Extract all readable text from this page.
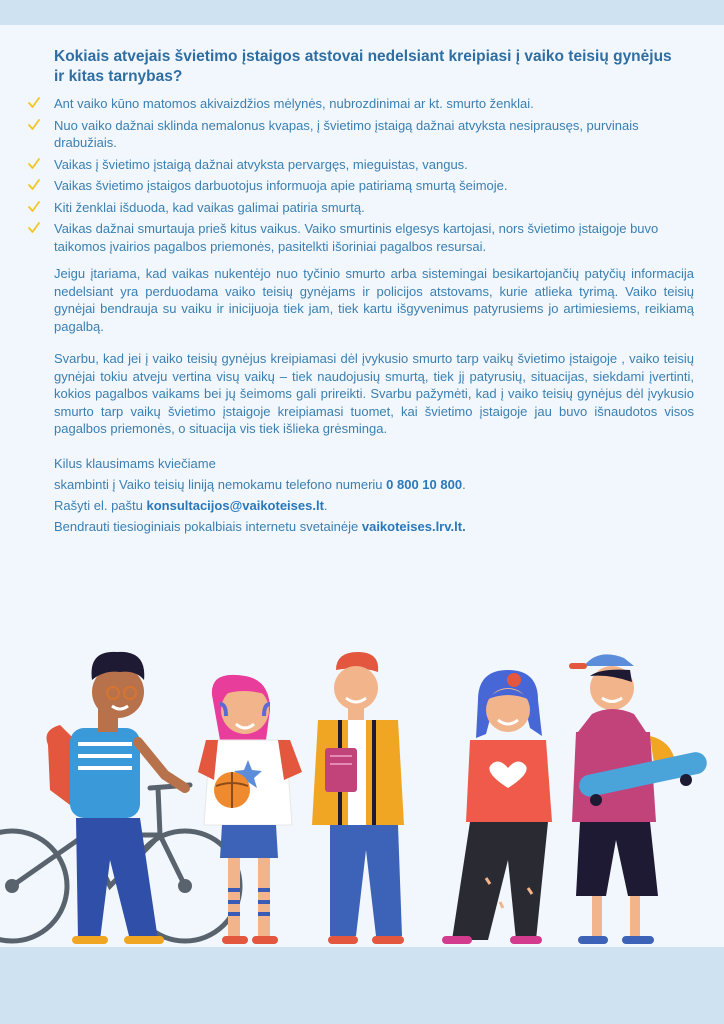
Kokiais atvejais švietimo įstaigos atstovai nedelsiant kreipiasi į vaiko teisių gynėjus ir kitas tarnybas?
Ant vaiko kūno matomos akivaizdžios mėlynės, nubrozdinimai ar kt. smurto ženklai.
Nuo vaiko dažnai sklinda nemalonus kvapas, į švietimo įstaigą dažnai atvyksta nesiprausęs, purvinais drabužiais.
Vaikas į švietimo įstaigą dažnai atvyksta pervargęs, mieguistas, vangus.
Vaikas švietimo įstaigos darbuotojus informuoja apie patiriamą smurtą šeimoje.
Kiti ženklai išduoda, kad vaikas galimai patiria smurtą.
Vaikas dažnai smurtauja prieš kitus vaikus. Vaiko smurtinis elgesys kartojasi, nors švietimo įstaigoje buvo taikomos įvairios pagalbos priemonės, pasitelkti išoriniai pagalbos resursai.

Jeigu įtariama, kad vaikas nukentėjo nuo tyčinio smurto arba sistemingai besikartojančių patyčių informacija nedelsiant yra perduodama vaiko teisių gynėjams ir policijos atstovams, kurie atlieka tyrimą. Vaiko teisių gynėjai bendrauja su vaiku ir inicijuoja tiek jam, tiek kartu išgyvenimus patyrusiems jo artimiesiems, reikiamą pagalbą.

Svarbu, kad jei į vaiko teisių gynėjus kreipiamasi dėl įvykusio smurto tarp vaikų švietimo įstaigoje , vaiko teisių gynėjai tokiu atveju vertina visų vaikų – tiek naudojusių smurtą, tiek jį patyrusių, situacijas, siekdami įvertinti, kokios pagalbos vaikams bei jų šeimoms gali prireikti. Svarbu pažymėti, kad į vaiko teisių gynėjus dėl įvykusio smurto tarp vaikų švietimo įstaigoje kreipiamasi tuomet, kai švietimo įstaigoje jau buvo išnaudotos visos pagalbos priemonės, o situacija vis tiek išlieka grėsminga.

Kilus klausimams kviečiame
skambinti į Vaiko teisių liniją nemokamu telefono numeriu 0 800 10 800.
Rašyti el. paštu konsultacijos@vaikoteises.lt.
Bendrauti tiesioginiais pokalbiais internetu svetainėje vaikoteises.lrv.lt.
